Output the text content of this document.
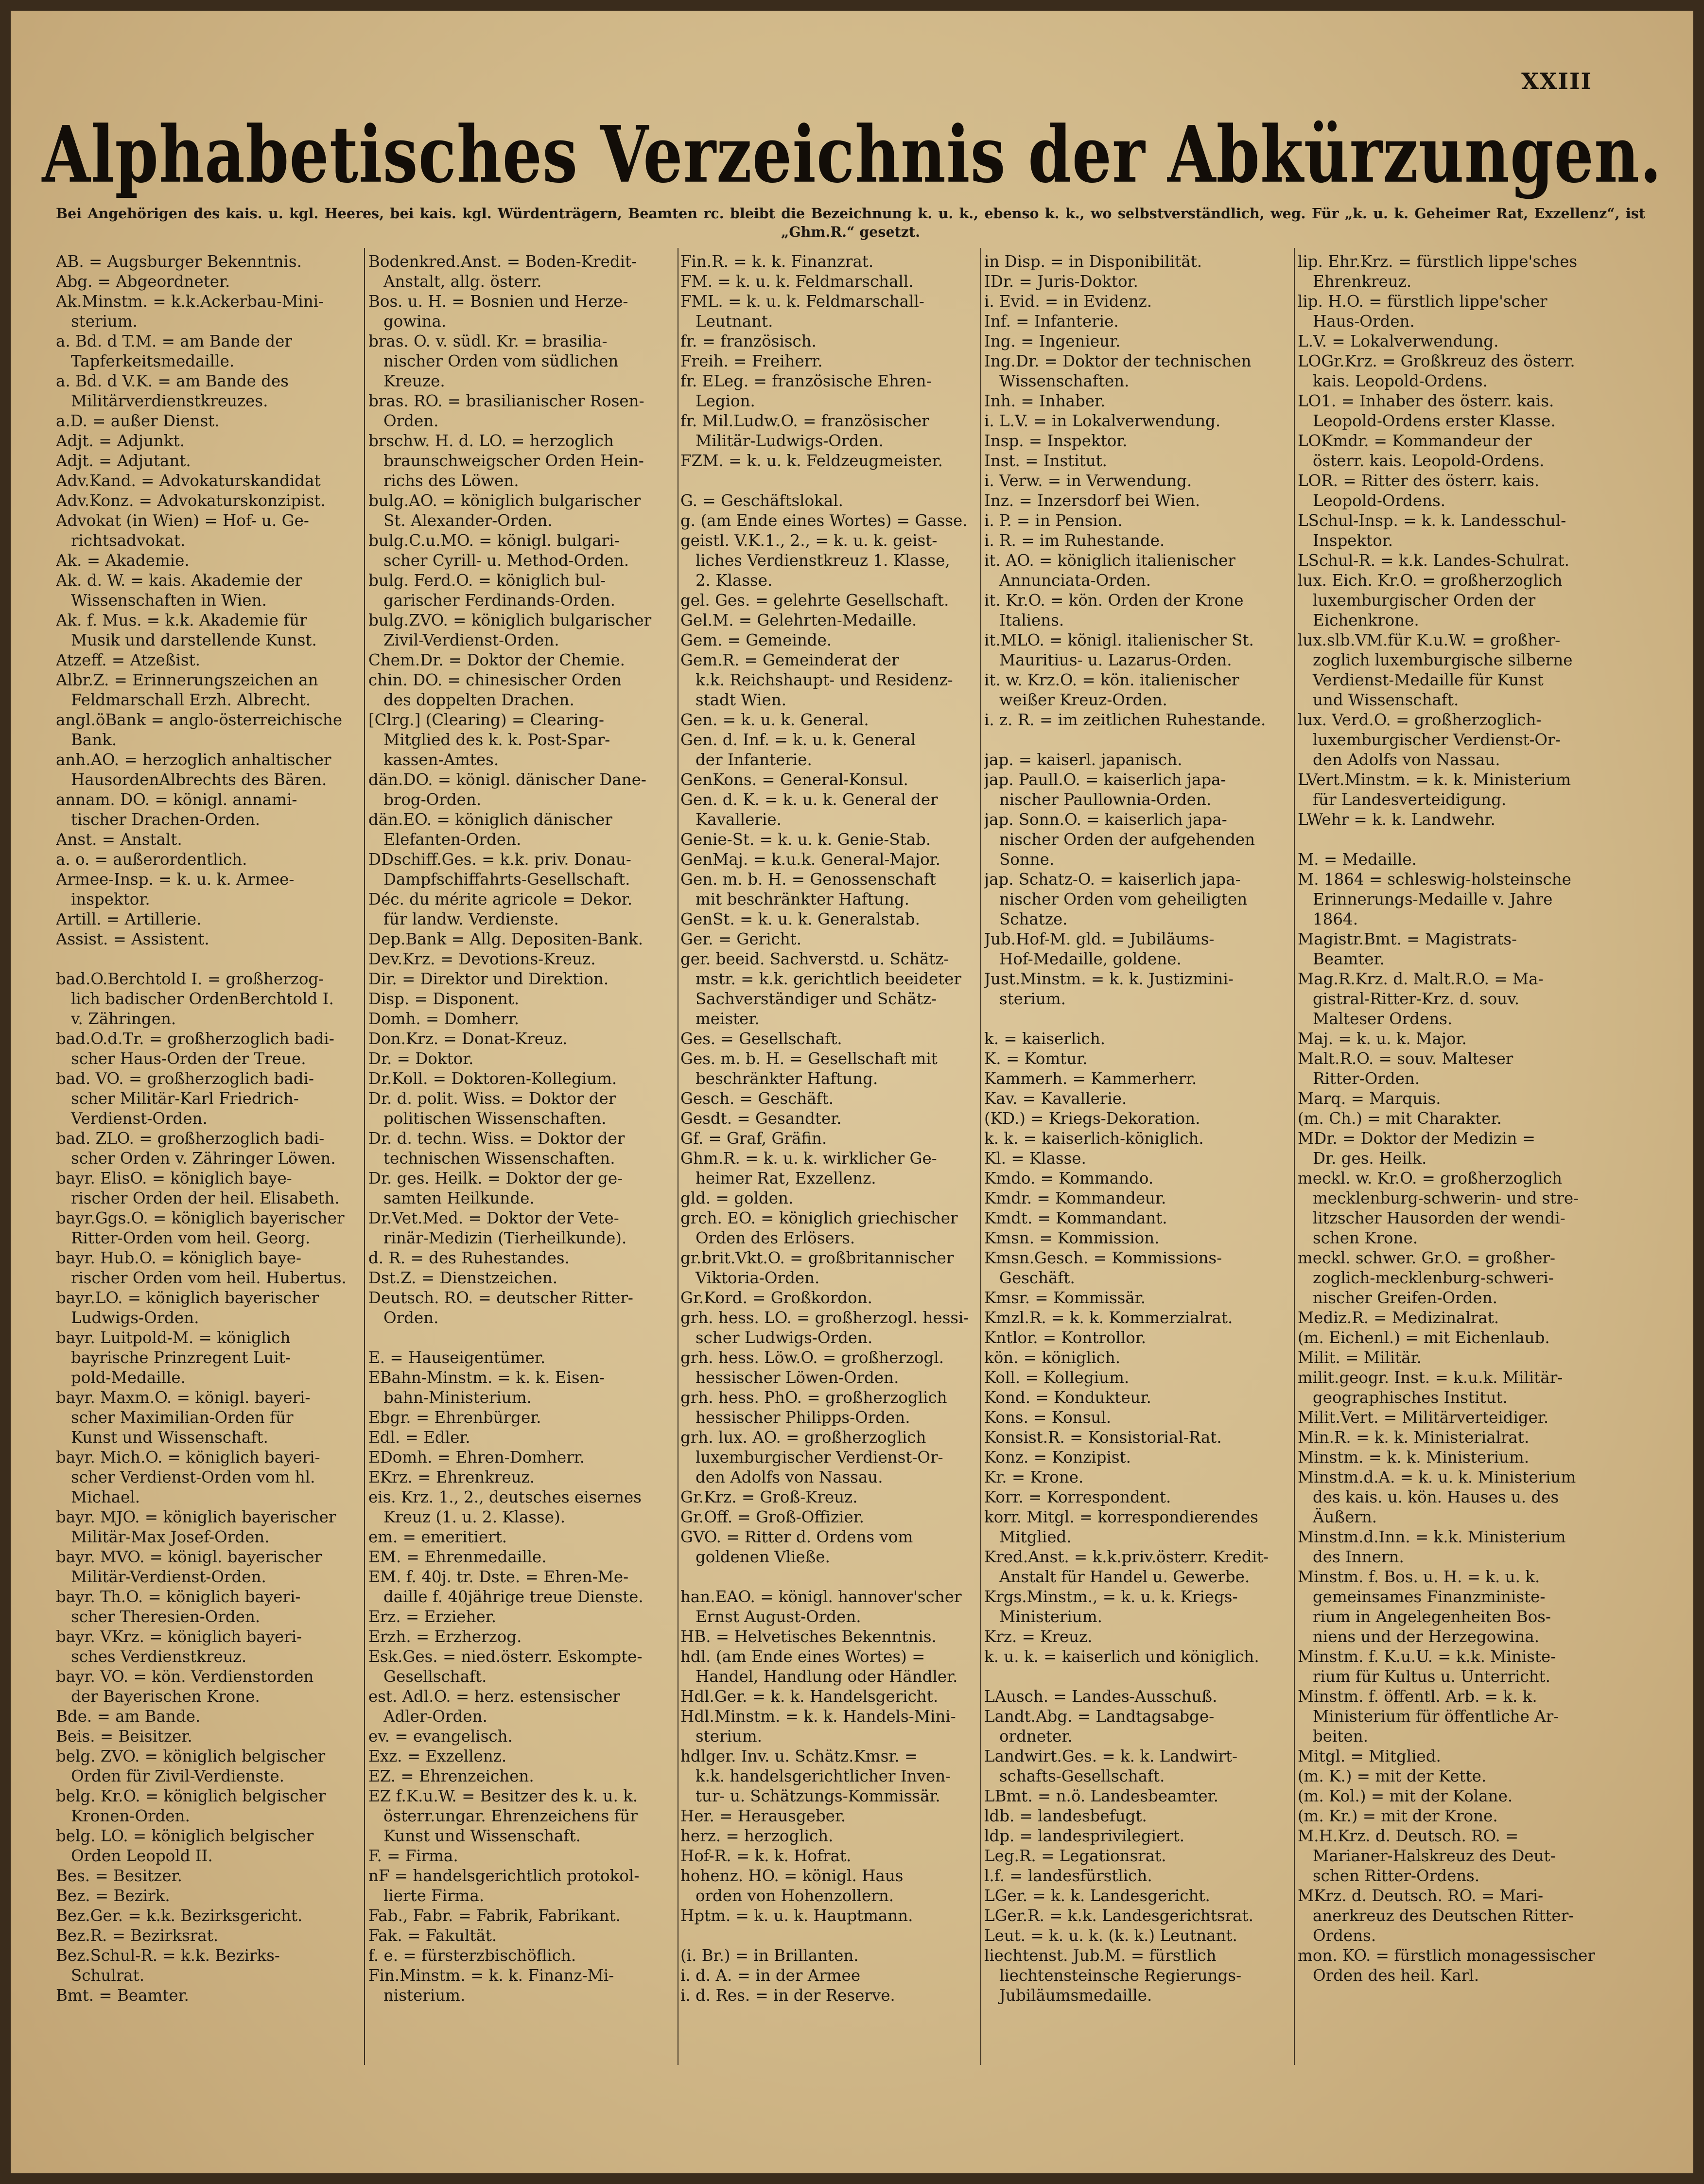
XXIII
Alphabetisches Verzeichnis der Abkürzungen.
Bei Angehörigen des kais. u. kgl. Heeres, bei kais. kgl. Würdenträgern, Beamten rc. bleibt die Bezeichnung k. u. k., ebenso k. k., wo selbstverständlich, weg. Für „k. u. k. Geheimer Rat, Exzellenz“, ist „Ghm.R.“ gesetzt.

AB. = Augsburger Bekenntnis.

Abg. = Abgeordneter.

Ak.Minstm. = k.k.Ackerbau-Mini-

sterium.

a. Bd. d T.M. = am Bande der

Tapferkeitsmedaille.

a. Bd. d V.K. = am Bande des

Militärverdienstkreuzes.

a.D. = außer Dienst.

Adjt. = Adjunkt.

Adjt. = Adjutant.

Adv.Kand. = Advokaturskandidat

Adv.Konz. = Advokaturskonzipist.

Advokat (in Wien) = Hof- u. Ge-

richtsadvokat.

Ak. = Akademie.

Ak. d. W. = kais. Akademie der

Wissenschaften in Wien.

Ak. f. Mus. = k.k. Akademie für

Musik und darstellende Kunst.

Atzeff. = Atzeßist.

Albr.Z. = Erinnerungszeichen an

Feldmarschall Erzh. Albrecht.

angl.öBank = anglo-österreichische

Bank.

anh.AO. = herzoglich anhaltischer

HausordenAlbrechts des Bären.

annam. DO. = königl. annami-

tischer Drachen-Orden.

Anst. = Anstalt.

a. o. = außerordentlich.

Armee-Insp. = k. u. k. Armee-

inspektor.

Artill. = Artillerie.

Assist. = Assistent.

bad.O.Berchtold I. = großherzog-

lich badischer OrdenBerchtold I.

v. Zähringen.

bad.O.d.Tr. = großherzoglich badi-

scher Haus-Orden der Treue.

bad. VO. = großherzoglich badi-

scher Militär-Karl Friedrich-

Verdienst-Orden.

bad. ZLO. = großherzoglich badi-

scher Orden v. Zähringer Löwen.

bayr. ElisO. = königlich baye-

rischer Orden der heil. Elisabeth.

bayr.Ggs.O. = königlich bayerischer

Ritter-Orden vom heil. Georg.

bayr. Hub.O. = königlich baye-

rischer Orden vom heil. Hubertus.

bayr.LO. = königlich bayerischer

Ludwigs-Orden.

bayr. Luitpold-M. = königlich

bayrische Prinzregent Luit-

pold-Medaille.

bayr. Maxm.O. = königl. bayeri-

scher Maximilian-Orden für

Kunst und Wissenschaft.

bayr. Mich.O. = königlich bayeri-

scher Verdienst-Orden vom hl.

Michael.

bayr. MJO. = königlich bayerischer

Militär-Max Josef-Orden.

bayr. MVO. = königl. bayerischer

Militär-Verdienst-Orden.

bayr. Th.O. = königlich bayeri-

scher Theresien-Orden.

bayr. VKrz. = königlich bayeri-

sches Verdienstkreuz.

bayr. VO. = kön. Verdienstorden

der Bayerischen Krone.

Bde. = am Bande.

Beis. = Beisitzer.

belg. ZVO. = königlich belgischer

Orden für Zivil-Verdienste.

belg. Kr.O. = königlich belgischer

Kronen-Orden.

belg. LO. = königlich belgischer

Orden Leopold II.

Bes. = Besitzer.

Bez. = Bezirk.

Bez.Ger. = k.k. Bezirksgericht.

Bez.R. = Bezirksrat.

Bez.Schul-R. = k.k. Bezirks-

Schulrat.

Bmt. = Beamter.

Bodenkred.Anst. = Boden-Kredit-

Anstalt, allg. österr.

Bos. u. H. = Bosnien und Herze-

gowina.

bras. O. v. südl. Kr. = brasilia-

nischer Orden vom südlichen

Kreuze.

bras. RO. = brasilianischer Rosen-

Orden.

brschw. H. d. LO. = herzoglich

braunschweigscher Orden Hein-

richs des Löwen.

bulg.AO. = königlich bulgarischer

St. Alexander-Orden.

bulg.C.u.MO. = königl. bulgari-

scher Cyrill- u. Method-Orden.

bulg. Ferd.O. = königlich bul-

garischer Ferdinands-Orden.

bulg.ZVO. = königlich bulgarischer

Zivil-Verdienst-Orden.

Chem.Dr. = Doktor der Chemie.

chin. DO. = chinesischer Orden

des doppelten Drachen.

[Clrg.] (Clearing) = Clearing-

Mitglied des k. k. Post-Spar-

kassen-Amtes.

dän.DO. = königl. dänischer Dane-

brog-Orden.

dän.EO. = königlich dänischer

Elefanten-Orden.

DDschiff.Ges. = k.k. priv. Donau-

Dampfschiffahrts-Gesellschaft.

Déc. du mérite agricole = Dekor.

für landw. Verdienste.

Dep.Bank = Allg. Depositen-Bank.

Dev.Krz. = Devotions-Kreuz.

Dir. = Direktor und Direktion.

Disp. = Disponent.

Domh. = Domherr.

Don.Krz. = Donat-Kreuz.

Dr. = Doktor.

Dr.Koll. = Doktoren-Kollegium.

Dr. d. polit. Wiss. = Doktor der

politischen Wissenschaften.

Dr. d. techn. Wiss. = Doktor der

technischen Wissenschaften.

Dr. ges. Heilk. = Doktor der ge-

samten Heilkunde.

Dr.Vet.Med. = Doktor der Vete-

rinär-Medizin (Tierheilkunde).

d. R. = des Ruhestandes.

Dst.Z. = Dienstzeichen.

Deutsch. RO. = deutscher Ritter-

Orden.

E. = Hauseigentümer.

EBahn-Minstm. = k. k. Eisen-

bahn-Ministerium.

Ebgr. = Ehrenbürger.

Edl. = Edler.

EDomh. = Ehren-Domherr.

EKrz. = Ehrenkreuz.

eis. Krz. 1., 2., deutsches eisernes

Kreuz (1. u. 2. Klasse).

em. = emeritiert.

EM. = Ehrenmedaille.

EM. f. 40j. tr. Dste. = Ehren-Me-

daille f. 40jährige treue Dienste.

Erz. = Erzieher.

Erzh. = Erzherzog.

Esk.Ges. = nied.österr. Eskompte-

Gesellschaft.

est. Adl.O. = herz. estensischer

Adler-Orden.

ev. = evangelisch.

Exz. = Exzellenz.

EZ. = Ehrenzeichen.

EZ f.K.u.W. = Besitzer des k. u. k.

österr.ungar. Ehrenzeichens für

Kunst und Wissenschaft.

F. = Firma.

nF = handelsgerichtlich protokol-

lierte Firma.

Fab., Fabr. = Fabrik, Fabrikant.

Fak. = Fakultät.

f. e. = fürsterzbischöflich.

Fin.Minstm. = k. k. Finanz-Mi-

nisterium.

Fin.R. = k. k. Finanzrat.

FM. = k. u. k. Feldmarschall.

FML. = k. u. k. Feldmarschall-

Leutnant.

fr. = französisch.

Freih. = Freiherr.

fr. ELeg. = französische Ehren-

Legion.

fr. Mil.Ludw.O. = französischer

Militär-Ludwigs-Orden.

FZM. = k. u. k. Feldzeugmeister.

G. = Geschäftslokal.

g. (am Ende eines Wortes) = Gasse.

geistl. V.K.1., 2., = k. u. k. geist-

liches Verdienstkreuz 1. Klasse,

2. Klasse.

gel. Ges. = gelehrte Gesellschaft.

Gel.M. = Gelehrten-Medaille.

Gem. = Gemeinde.

Gem.R. = Gemeinderat der

k.k. Reichshaupt- und Residenz-

stadt Wien.

Gen. = k. u. k. General.

Gen. d. Inf. = k. u. k. General

der Infanterie.

GenKons. = General-Konsul.

Gen. d. K. = k. u. k. General der

Kavallerie.

Genie-St. = k. u. k. Genie-Stab.

GenMaj. = k.u.k. General-Major.

Gen. m. b. H. = Genossenschaft

mit beschränkter Haftung.

GenSt. = k. u. k. Generalstab.

Ger. = Gericht.

ger. beeid. Sachverstd. u. Schätz-

mstr. = k.k. gerichtlich beeideter

Sachverständiger und Schätz-

meister.

Ges. = Gesellschaft.

Ges. m. b. H. = Gesellschaft mit

beschränkter Haftung.

Gesch. = Geschäft.

Gesdt. = Gesandter.

Gf. = Graf, Gräfin.

Ghm.R. = k. u. k. wirklicher Ge-

heimer Rat, Exzellenz.

gld. = golden.

grch. EO. = königlich griechischer

Orden des Erlösers.

gr.brit.Vkt.O. = großbritannischer

Viktoria-Orden.

Gr.Kord. = Großkordon.

grh. hess. LO. = großherzogl. hessi-

scher Ludwigs-Orden.

grh. hess. Löw.O. = großherzogl.

hessischer Löwen-Orden.

grh. hess. PhO. = großherzoglich

hessischer Philipps-Orden.

grh. lux. AO. = großherzoglich

luxemburgischer Verdienst-Or-

den Adolfs von Nassau.

Gr.Krz. = Groß-Kreuz.

Gr.Off. = Groß-Offizier.

GVO. = Ritter d. Ordens vom

goldenen Vließe.

han.EAO. = königl. hannover'scher

Ernst August-Orden.

HB. = Helvetisches Bekenntnis.

hdl. (am Ende eines Wortes) =

Handel, Handlung oder Händler.

Hdl.Ger. = k. k. Handelsgericht.

Hdl.Minstm. = k. k. Handels-Mini-

sterium.

hdlger. Inv. u. Schätz.Kmsr. =

k.k. handelsgerichtlicher Inven-

tur- u. Schätzungs-Kommissär.

Her. = Herausgeber.

herz. = herzoglich.

Hof-R. = k. k. Hofrat.

hohenz. HO. = königl. Haus

orden von Hohenzollern.

Hptm. = k. u. k. Hauptmann.

(i. Br.) = in Brillanten.

i. d. A. = in der Armee

i. d. Res. = in der Reserve.

in Disp. = in Disponibilität.

IDr. = Juris-Doktor.

i. Evid. = in Evidenz.

Inf. = Infanterie.

Ing. = Ingenieur.

Ing.Dr. = Doktor der technischen

Wissenschaften.

Inh. = Inhaber.

i. L.V. = in Lokalverwendung.

Insp. = Inspektor.

Inst. = Institut.

i. Verw. = in Verwendung.

Inz. = Inzersdorf bei Wien.

i. P. = in Pension.

i. R. = im Ruhestande.

it. AO. = königlich italienischer

Annunciata-Orden.

it. Kr.O. = kön. Orden der Krone

Italiens.

it.MLO. = königl. italienischer St.

Mauritius- u. Lazarus-Orden.

it. w. Krz.O. = kön. italienischer

weißer Kreuz-Orden.

i. z. R. = im zeitlichen Ruhestande.

jap. = kaiserl. japanisch.

jap. Paull.O. = kaiserlich japa-

nischer Paullownia-Orden.

jap. Sonn.O. = kaiserlich japa-

nischer Orden der aufgehenden

Sonne.

jap. Schatz-O. = kaiserlich japa-

nischer Orden vom geheiligten

Schatze.

Jub.Hof-M. gld. = Jubiläums-

Hof-Medaille, goldene.

Just.Minstm. = k. k. Justizmini-

sterium.

k. = kaiserlich.

K. = Komtur.

Kammerh. = Kammerherr.

Kav. = Kavallerie.

(KD.) = Kriegs-Dekoration.

k. k. = kaiserlich-königlich.

Kl. = Klasse.

Kmdo. = Kommando.

Kmdr. = Kommandeur.

Kmdt. = Kommandant.

Kmsn. = Kommission.

Kmsn.Gesch. = Kommissions-

Geschäft.

Kmsr. = Kommissär.

Kmzl.R. = k. k. Kommerzialrat.

Kntlor. = Kontrollor.

kön. = königlich.

Koll. = Kollegium.

Kond. = Kondukteur.

Kons. = Konsul.

Konsist.R. = Konsistorial-Rat.

Konz. = Konzipist.

Kr. = Krone.

Korr. = Korrespondent.

korr. Mitgl. = korrespondierendes

Mitglied.

Kred.Anst. = k.k.priv.österr. Kredit-

Anstalt für Handel u. Gewerbe.

Krgs.Minstm., = k. u. k. Kriegs-

Ministerium.

Krz. = Kreuz.

k. u. k. = kaiserlich und königlich.

LAusch. = Landes-Ausschuß.

Landt.Abg. = Landtagsabge-

ordneter.

Landwirt.Ges. = k. k. Landwirt-

schafts-Gesellschaft.

LBmt. = n.ö. Landesbeamter.

ldb. = landesbefugt.

ldp. = landesprivilegiert.

Leg.R. = Legationsrat.

l.f. = landesfürstlich.

LGer. = k. k. Landesgericht.

LGer.R. = k.k. Landesgerichtsrat.

Leut. = k. u. k. (k. k.) Leutnant.

liechtenst. Jub.M. = fürstlich

liechtensteinsche Regierungs-

Jubiläumsmedaille.

lip. Ehr.Krz. = fürstlich lippe'sches

Ehrenkreuz.

lip. H.O. = fürstlich lippe'scher

Haus-Orden.

L.V. = Lokalverwendung.

LOGr.Krz. = Großkreuz des österr.

kais. Leopold-Ordens.

LO1. = Inhaber des österr. kais.

Leopold-Ordens erster Klasse.

LOKmdr. = Kommandeur der

österr. kais. Leopold-Ordens.

LOR. = Ritter des österr. kais.

Leopold-Ordens.

LSchul-Insp. = k. k. Landesschul-

Inspektor.

LSchul-R. = k.k. Landes-Schulrat.

lux. Eich. Kr.O. = großherzoglich

luxemburgischer Orden der

Eichenkrone.

lux.slb.VM.für K.u.W. = großher-

zoglich luxemburgische silberne

Verdienst-Medaille für Kunst

und Wissenschaft.

lux. Verd.O. = großherzoglich-

luxemburgischer Verdienst-Or-

den Adolfs von Nassau.

LVert.Minstm. = k. k. Ministerium

für Landesverteidigung.

LWehr = k. k. Landwehr.

M. = Medaille.

M. 1864 = schleswig-holsteinsche

Erinnerungs-Medaille v. Jahre

1864.

Magistr.Bmt. = Magistrats-

Beamter.

Mag.R.Krz. d. Malt.R.O. = Ma-

gistral-Ritter-Krz. d. souv.

Malteser Ordens.

Maj. = k. u. k. Major.

Malt.R.O. = souv. Malteser

Ritter-Orden.

Marq. = Marquis.

(m. Ch.) = mit Charakter.

MDr. = Doktor der Medizin =

Dr. ges. Heilk.

meckl. w. Kr.O. = großherzoglich

mecklenburg-schwerin- und stre-

litzscher Hausorden der wendi-

schen Krone.

meckl. schwer. Gr.O. = großher-

zoglich-mecklenburg-schweri-

nischer Greifen-Orden.

Mediz.R. = Medizinalrat.

(m. Eichenl.) = mit Eichenlaub.

Milit. = Militär.

milit.geogr. Inst. = k.u.k. Militär-

geographisches Institut.

Milit.Vert. = Militärverteidiger.

Min.R. = k. k. Ministerialrat.

Minstm. = k. k. Ministerium.

Minstm.d.A. = k. u. k. Ministerium

des kais. u. kön. Hauses u. des

Äußern.

Minstm.d.Inn. = k.k. Ministerium

des Innern.

Minstm. f. Bos. u. H. = k. u. k.

gemeinsames Finanzministe-

rium in Angelegenheiten Bos-

niens und der Herzegowina.

Minstm. f. K.u.U. = k.k. Ministe-

rium für Kultus u. Unterricht.

Minstm. f. öffentl. Arb. = k. k.

Ministerium für öffentliche Ar-

beiten.

Mitgl. = Mitglied.

(m. K.) = mit der Kette.

(m. Kol.) = mit der Kolane.

(m. Kr.) = mit der Krone.

M.H.Krz. d. Deutsch. RO. =

Marianer-Halskreuz des Deut-

schen Ritter-Ordens.

MKrz. d. Deutsch. RO. = Mari-

anerkreuz des Deutschen Ritter-

Ordens.

mon. KO. = fürstlich monagessischer

Orden des heil. Karl.
